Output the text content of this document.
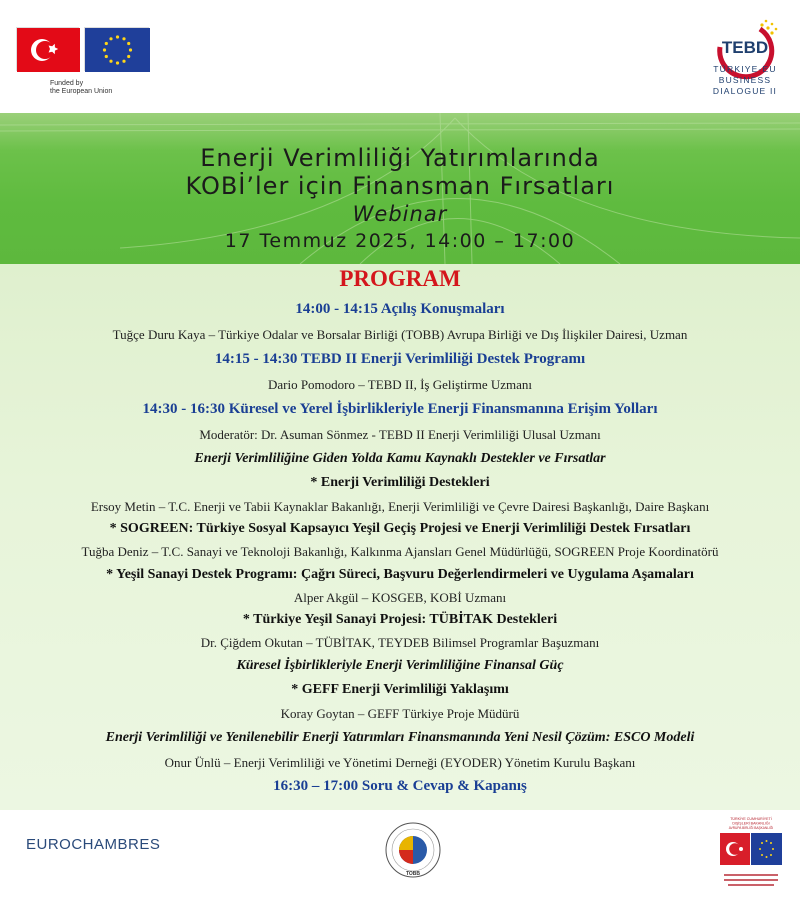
Funded by
the European Union
TEBD
TÜRKIYE-EU
BUSINESS
DIALOGUE II
Enerji Verimliliği Yatırımlarında
KOBİ’ler için Finansman Fırsatları
Webinar
17 Temmuz 2025, 14:00 – 17:00
PROGRAM
14:00 - 14:15 Açılış Konuşmaları
Tuğçe Duru Kaya – Türkiye Odalar ve Borsalar Birliği (TOBB) Avrupa Birliği ve Dış İlişkiler Dairesi, Uzman
14:15 - 14:30 TEBD II Enerji Verimliliği Destek Programı
Dario Pomodoro – TEBD II, İş Geliştirme Uzmanı
14:30 - 16:30 Küresel ve Yerel İşbirlikleriyle Enerji Finansmanına Erişim Yolları
Moderatör: Dr. Asuman Sönmez - TEBD II Enerji Verimliliği Ulusal Uzmanı
Enerji Verimliliğine Giden Yolda Kamu Kaynaklı Destekler ve Fırsatlar
* Enerji Verimliliği Destekleri
Ersoy Metin – T.C. Enerji ve Tabii Kaynaklar Bakanlığı, Enerji Verimliliği ve Çevre Dairesi Başkanlığı, Daire Başkanı
* SOGREEN: Türkiye Sosyal Kapsayıcı Yeşil Geçiş Projesi ve Enerji Verimliliği Destek Fırsatları
Tuğba Deniz – T.C. Sanayi ve Teknoloji Bakanlığı, Kalkınma Ajansları Genel Müdürlüğü, SOGREEN Proje Koordinatörü
* Yeşil Sanayi Destek Programı: Çağrı Süreci, Başvuru Değerlendirmeleri ve Uygulama Aşamaları
Alper Akgül – KOSGEB, KOBİ Uzmanı
* Türkiye Yeşil Sanayi Projesi: TÜBİTAK Destekleri
Dr. Çiğdem Okutan – TÜBİTAK, TEYDEB Bilimsel Programlar Başuzmanı
Küresel İşbirlikleriyle Enerji Verimliliğine Finansal Güç
* GEFF Enerji Verimliliği Yaklaşımı
Koray Goytan – GEFF Türkiye Proje Müdürü
Enerji Verimliliği ve Yenilenebilir Enerji Yatırımları Finansmanında Yeni Nesil Çözüm: ESCO Modeli
Onur Ünlü – Enerji Verimliliği ve Yönetimi Derneği (EYODER) Yönetim Kurulu Başkanı
16:30 – 17:00 Soru & Cevap & Kapanış
EUROCHAMBRES
TOBB
TÜRKİYE CUMHURİYETİ
DIŞİŞLERİ BAKANLIĞI
AVRUPA BİRLİĞİ BAŞKANLIĞI
